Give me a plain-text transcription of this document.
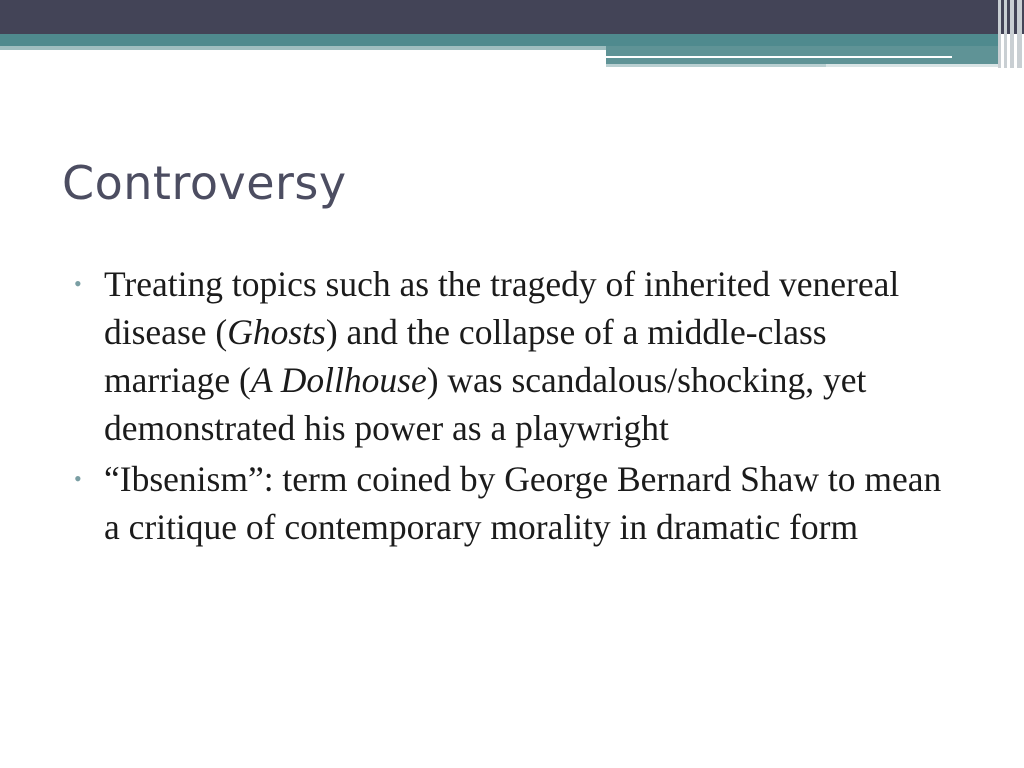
Controversy
• Treating topics such as the tragedy of inherited venereal disease (Ghosts) and the collapse of a middle-class marriage (A Dollhouse) was scandalous/shocking, yet demonstrated his power as a playwright
• “Ibsenism”: term coined by George Bernard Shaw to mean a critique of contemporary morality in dramatic form
